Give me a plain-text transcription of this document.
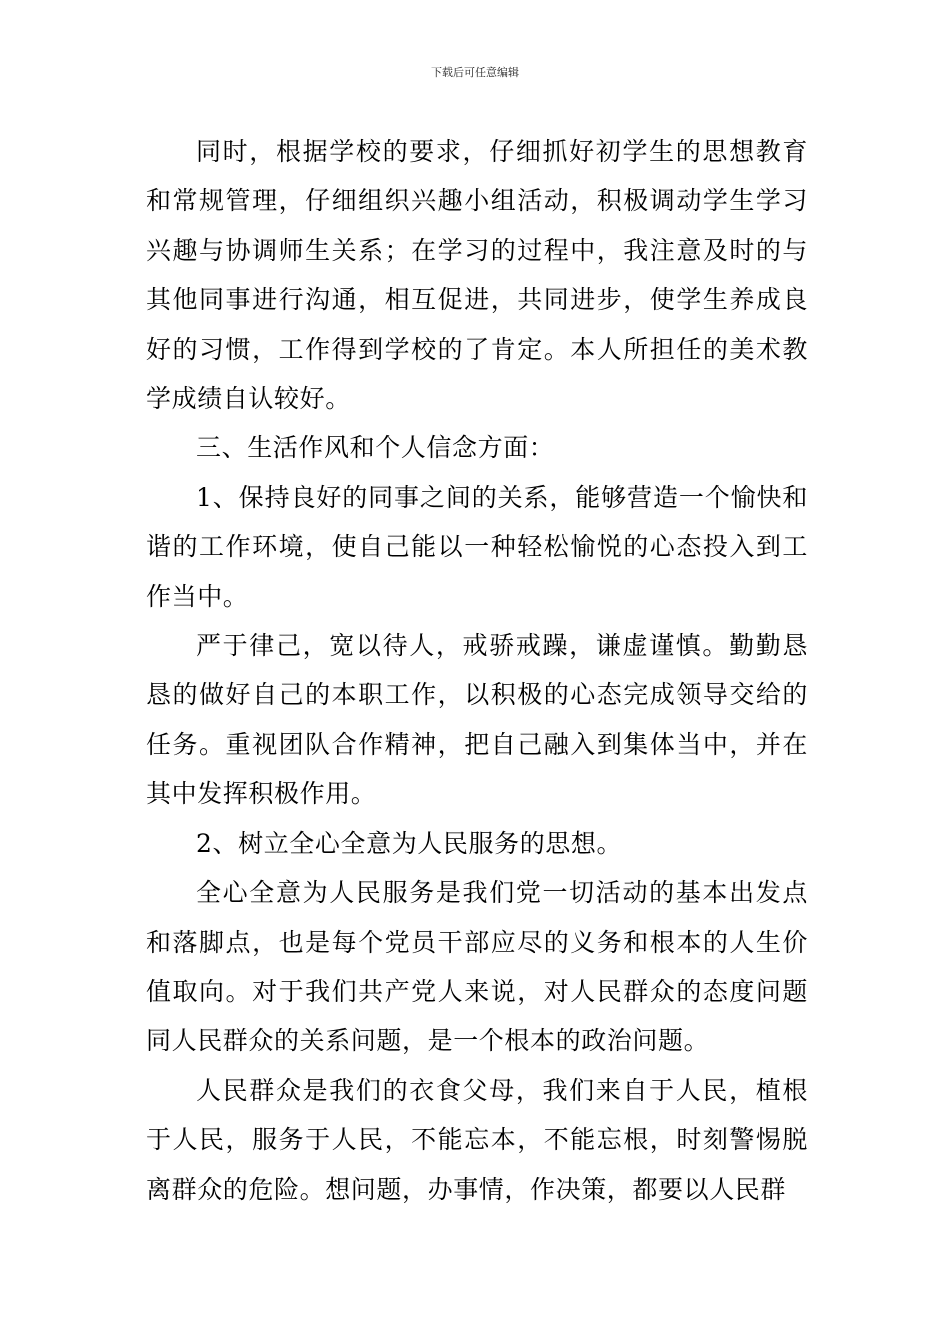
下载后可任意编辑

同时，根据学校的要求，仔细抓好初学生的思想教育和常规管理，仔细组织兴趣小组活动，积极调动学生学习兴趣与协调师生关系；在学习的过程中，我注意及时的与其他同事进行沟通，相互促进，共同进步，使学生养成良好的习惯，工作得到学校的了肯定。本人所担任的美术教学成绩自认较好。

三、生活作风和个人信念方面：

1、保持良好的同事之间的关系，能够营造一个愉快和谐的工作环境，使自己能以一种轻松愉悦的心态投入到工作当中。

严于律己，宽以待人，戒骄戒躁，谦虚谨慎。勤勤恳恳的做好自己的本职工作，以积极的心态完成领导交给的任务。重视团队合作精神，把自己融入到集体当中，并在其中发挥积极作用。

2、树立全心全意为人民服务的思想。

全心全意为人民服务是我们党一切活动的基本出发点和落脚点，也是每个党员干部应尽的义务和根本的人生价值取向。对于我们共产党人来说，对人民群众的态度问题同人民群众的关系问题，是一个根本的政治问题。

人民群众是我们的衣食父母，我们来自于人民，植根于人民，服务于人民，不能忘本，不能忘根，时刻警惕脱离群众的危险。想问题，办事情，作决策，都要以人民群
